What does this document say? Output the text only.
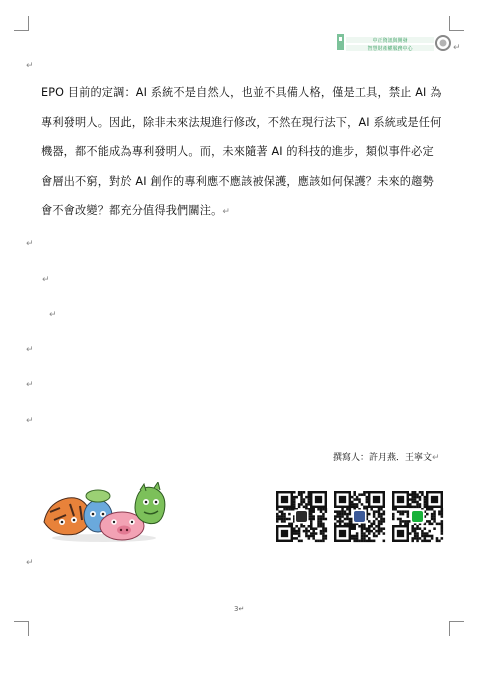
中正資訊與開發
智慧財產權服務中心	↵
↵

EPO 目前的定調：AI 系統不是自然人，也並不具備人格，僅是工具，禁止 AI 為專利發明人。因此，除非未來法規進行修改，不然在現行法下，AI 系統或是任何機器，都不能成為專利發明人。而，未來隨著 AI 的科技的進步，類似事件必定會層出不窮，對於 AI 創作的專利應不應該被保護，應該如何保護？未來的趨勢會不會改變？都充分值得我們關注。↵

↵
↵
↵
↵
↵
↵
撰寫人：許月燕．王寧文↵
↵
3↵
